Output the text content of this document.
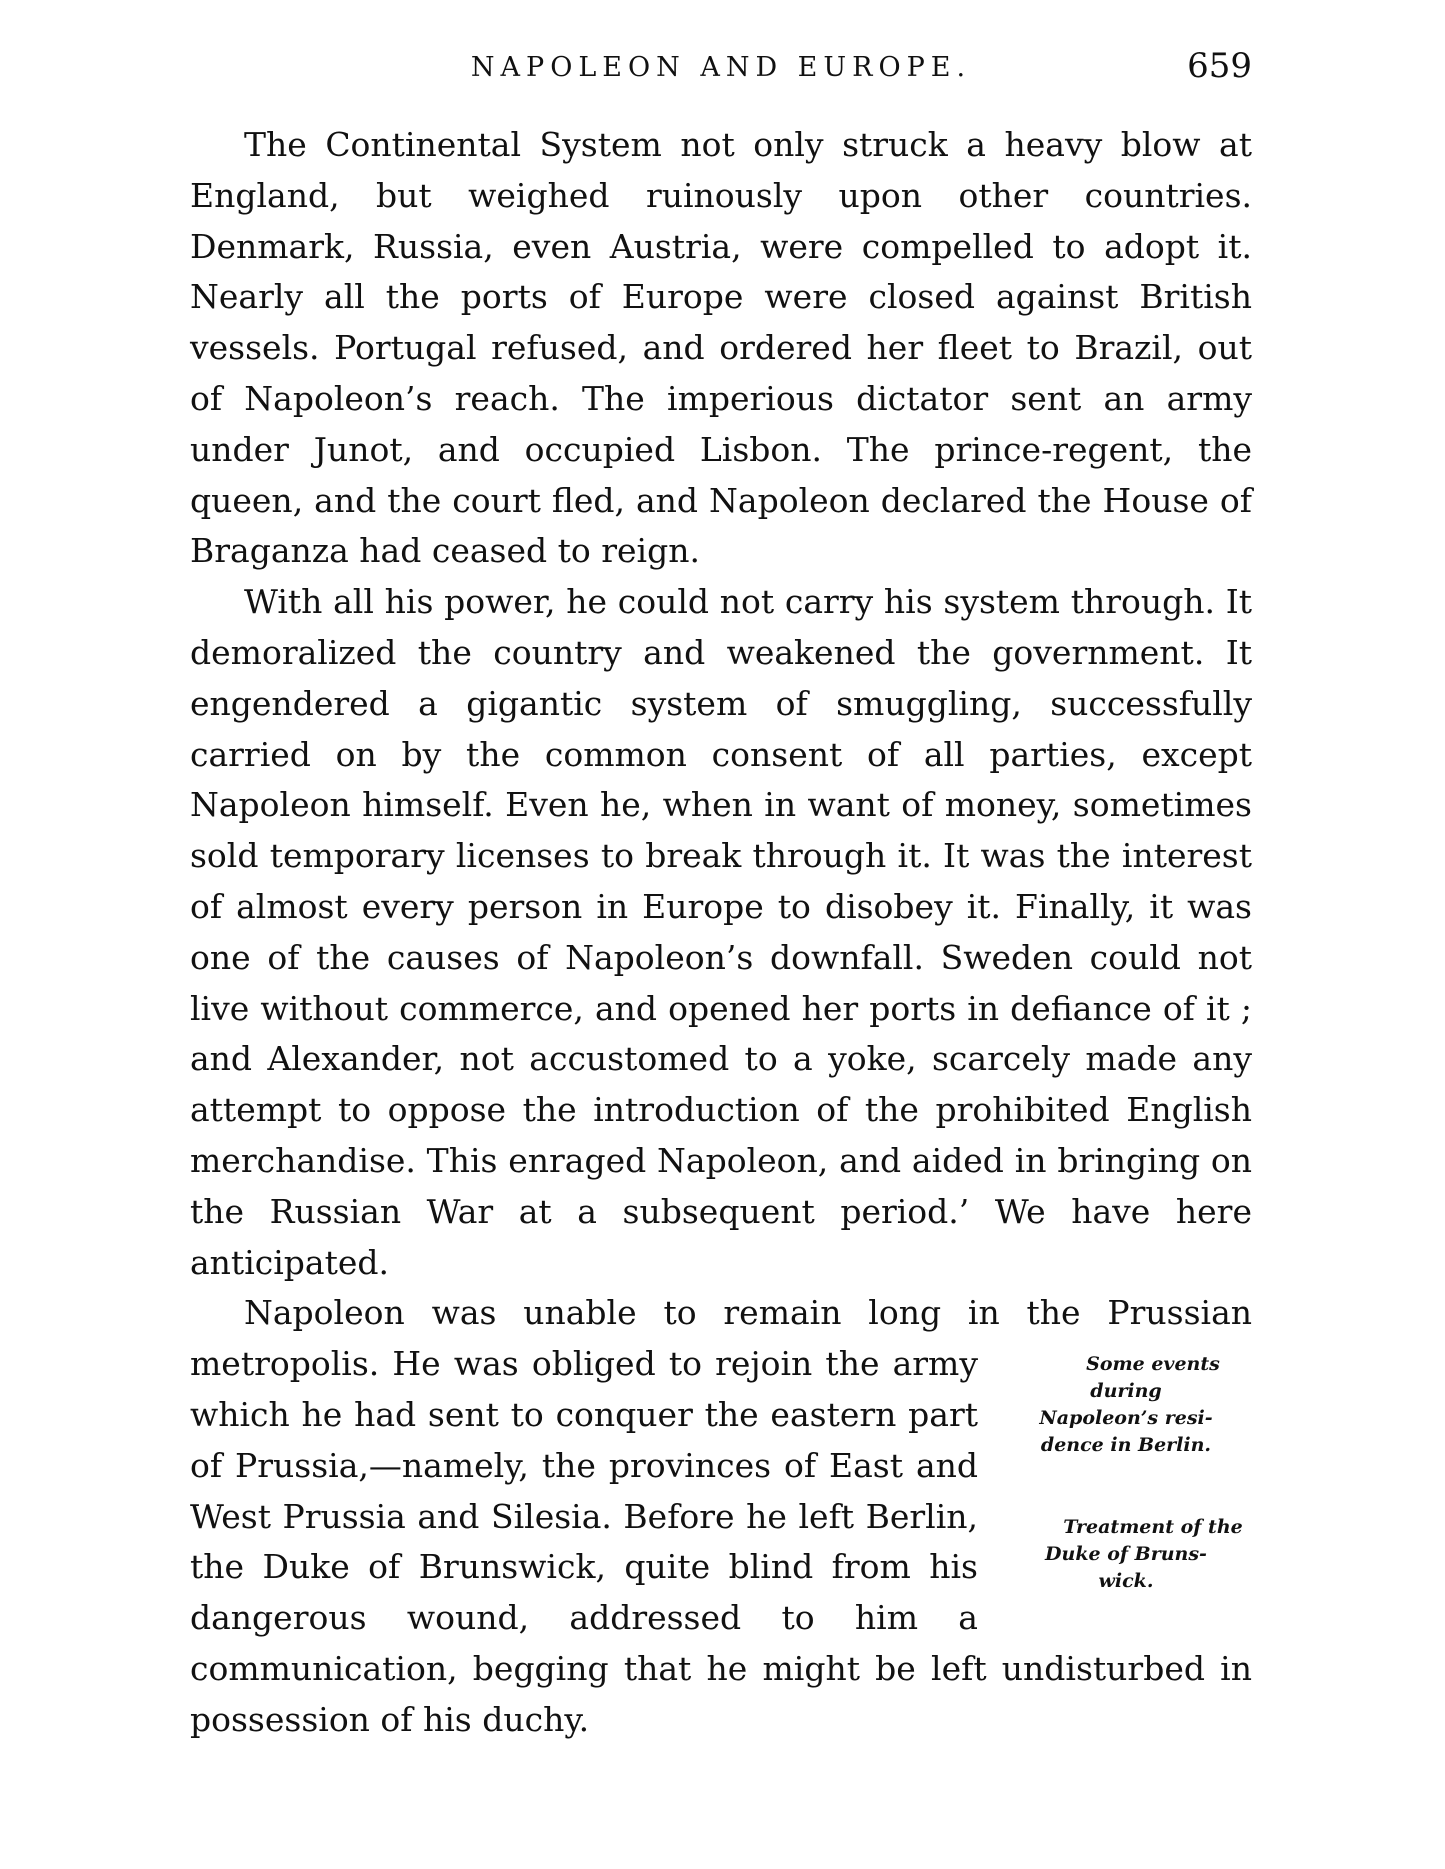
NAPOLEON AND EUROPE.	659

The Continental System not only struck a heavy blow at England, but weighed ruinously upon other countries. Denmark, Russia, even Austria, were compelled to adopt it. Nearly all the ports of Europe were closed against British vessels. Portugal refused, and ordered her fleet to Brazil, out of Napoleon’s reach. The imperious dictator sent an army under Junot, and occupied Lisbon. The prince-regent, the queen, and the court fled, and Napoleon declared the House of Braganza had ceased to reign.

With all his power, he could not carry his system through. It demoralized the country and weakened the government. It engendered a gigantic system of smuggling, successfully carried on by the common consent of all parties, except Napoleon himself. Even he, when in want of money, sometimes sold temporary licenses to break through it. It was the interest of almost every person in Europe to disobey it. Finally, it was one of the causes of Napoleon’s downfall. Sweden could not live without commerce, and opened her ports in defiance of it ; and Alexander, not accustomed to a yoke, scarcely made any attempt to oppose the introduction of the prohibited English merchandise. This enraged Napoleon, and aided in bringing on the Russian War at a subsequent period.’ We have here anticipated.

Napoleon was unable to remain long in the Prussian metropolis.	Some events during
Napoleon’s resi-
dence in Berlin.
He was obliged to rejoin the army which he had sent to conquer the eastern part of Prussia,—namely, the provinces of East and West Prussia and Silesia. Before he	Treatment of the
Duke of Bruns-
wick.
left Berlin, the Duke of Brunswick, quite blind from his dangerous wound, addressed to him a communication, begging that he might be left undisturbed in possession of his duchy.
